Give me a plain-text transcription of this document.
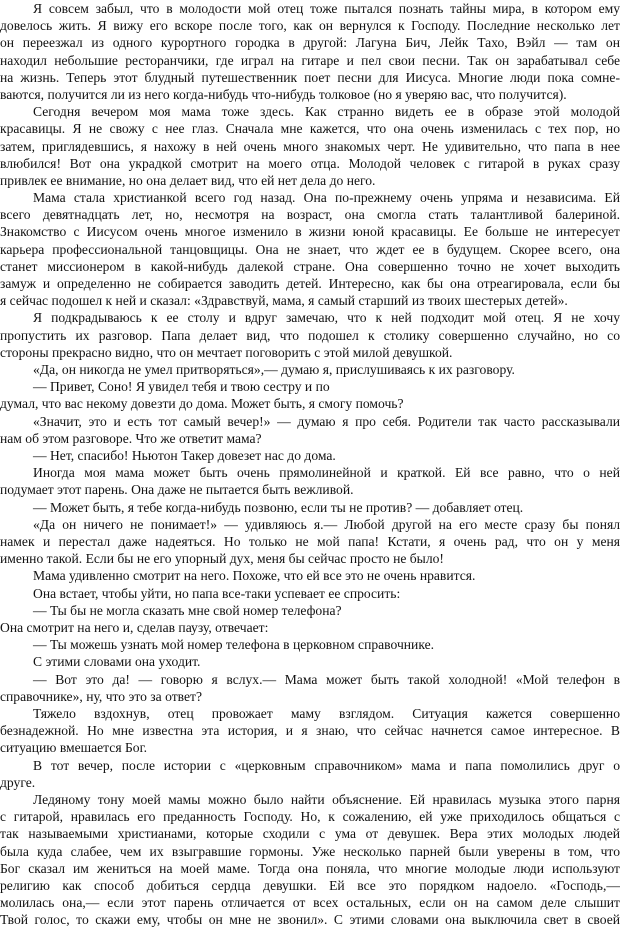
Я совсем забыл, что в молодости мой отец тоже пытался познать тайны мира, в котором ему
довелось жить. Я вижу его вскоре после того, как он вернулся к Господу. Последние несколько лет
он переезжал из одного курортного городка в другой: Лагуна Бич, Лейк Тахо, Вэйл — там он
находил небольшие ресторанчики, где играл на гитаре и пел свои песни. Так он зарабатывал себе
на жизнь. Теперь этот блудный путешественник поет песни для Иисуса. Многие люди пока сомне-
ваются, получится ли из него когда-нибудь что-нибудь толковое (но я уверяю вас, что получится).
Сегодня вечером моя мама тоже здесь. Как странно видеть ее в образе этой молодой
красавицы. Я не свожу с нее глаз. Сначала мне кажется, что она очень изменилась с тех пор, но
затем, приглядевшись, я нахожу в ней очень много знакомых черт. Не удивительно, что папа в нее
влюбился! Вот она украдкой смотрит на моего отца. Молодой человек с гитарой в руках сразу
привлек ее внимание, но она делает вид, что ей нет дела до него.
Мама стала христианкой всего год назад. Она по-прежнему очень упряма и независима. Ей
всего девятнадцать лет, но, несмотря на возраст, она смогла стать талантливой балериной.
Знакомство с Иисусом очень многое изменило в жизни юной красавицы. Ее больше не интересует
карьера профессиональной танцовщицы. Она не знает, что ждет ее в будущем. Скорее всего, она
станет миссионером в какой-нибудь далекой стране. Она совершенно точно не хочет выходить
замуж и определенно не собирается заводить детей. Интересно, как бы она отреагировала, если бы
я сейчас подошел к ней и сказал: «Здравствуй, мама, я самый старший из твоих шестерых детей».
Я подкрадываюсь к ее столу и вдруг замечаю, что к ней подходит мой отец. Я не хочу
пропустить их разговор. Папа делает вид, что подошел к столику совершенно случайно, но со
стороны прекрасно видно, что он мечтает поговорить с этой милой девушкой.
«Да, он никогда не умел притворяться»,— думаю я, прислушиваясь к их разговору.
— Привет, Соно! Я увидел тебя и твою сестру и по
думал, что вас некому довезти до дома. Может быть, я смогу помочь?
«Значит, это и есть тот самый вечер!» — думаю я про себя. Родители так часто рассказывали
нам об этом разговоре. Что же ответит мама?
— Нет, спасибо! Ньютон Такер довезет нас до дома.
Иногда моя мама может быть очень прямолинейной и краткой. Ей все равно, что о ней
подумает этот парень. Она даже не пытается быть вежливой.
— Может быть, я тебе когда-нибудь позвоню, если ты не против? — добавляет отец.
«Да он ничего не понимает!» — удивляюсь я.— Любой другой на его месте сразу бы понял
намек и перестал даже надеяться. Но только не мой папа! Кстати, я очень рад, что он у меня
именно такой. Если бы не его упорный дух, меня бы сейчас просто не было!
Мама удивленно смотрит на него. Похоже, что ей все это не очень нравится.
Она встает, чтобы уйти, но папа все-таки успевает ее спросить:
— Ты бы не могла сказать мне свой номер телефона?
Она смотрит на него и, сделав паузу, отвечает:
— Ты можешь узнать мой номер телефона в церковном справочнике.
С этими словами она уходит.
— Вот это да! — говорю я вслух.— Мама может быть такой холодной! «Мой телефон в
справочнике», ну, что это за ответ?
Тяжело вздохнув, отец провожает маму взглядом. Ситуация кажется совершенно
безнадежной. Но мне известна эта история, и я знаю, что сейчас начнется самое интересное. В
ситуацию вмешается Бог.
В тот вечер, после истории с «церковным справочником» мама и папа помолились друг о
друге.
Ледяному тону моей мамы можно было найти объяснение. Ей нравилась музыка этого парня
с гитарой, нравилась его преданность Господу. Но, к сожалению, ей уже приходилось общаться с
так называемыми христианами, которые сходили с ума от девушек. Вера этих молодых людей
была куда слабее, чем их взыгравшие гормоны. Уже несколько парней были уверены в том, что
Бог сказал им жениться на моей маме. Тогда она поняла, что многие молодые люди используют
религию как способ добиться сердца девушки. Ей все это порядком надоело. «Господь,—
молилась она,— если этот парень отличается от всех остальных, если он на самом деле слышит
Твой голос, то скажи ему, чтобы он мне не звонил». С этими словами она выключила свет в своей
